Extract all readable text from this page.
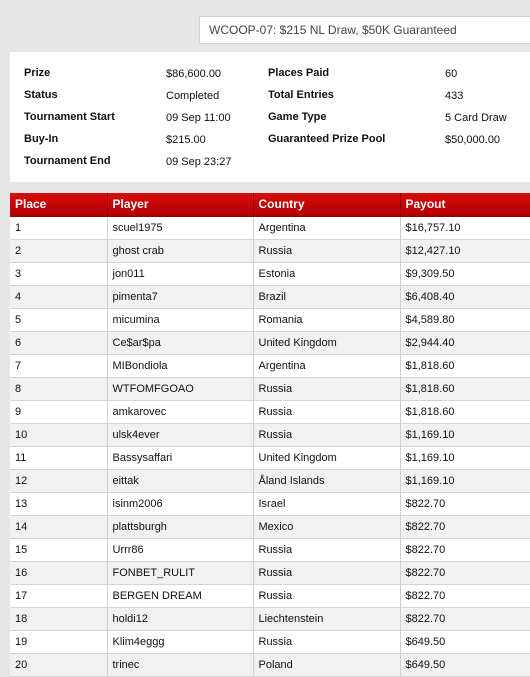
WCOOP-07: $215 NL Draw, $50K Guaranteed
Prize	$86,600.00
Status	Completed
Tournament Start	09 Sep 11:00
Buy-In	$215.00
Tournament End	09 Sep 23:27
Places Paid	60
Total Entries	433
Game Type	5 Card Draw
Guaranteed Prize Pool	$50,000.00
Place	Player	Country	Payout
1	scuel1975	Argentina	$16,757.10
2	ghost crab	Russia	$12,427.10
3	jon011	Estonia	$9,309.50
4	pimenta7	Brazil	$6,408.40
5	micumina	Romania	$4,589.80
6	Ce$ar$pa	United Kingdom	$2,944.40
7	MIBondiola	Argentina	$1,818.60
8	WTFOMFGOAO	Russia	$1,818.60
9	amkarovec	Russia	$1,818.60
10	ulsk4ever	Russia	$1,169.10
11	Bassysaffari	United Kingdom	$1,169.10
12	eittak	Åland Islands	$1,169.10
13	isinm2006	Israel	$822.70
14	plattsburgh	Mexico	$822.70
15	Urrr86	Russia	$822.70
16	FONBET_RULIT	Russia	$822.70
17	BERGEN DREAM	Russia	$822.70
18	holdi12	Liechtenstein	$822.70
19	Klim4eggg	Russia	$649.50
20	trinec	Poland	$649.50
